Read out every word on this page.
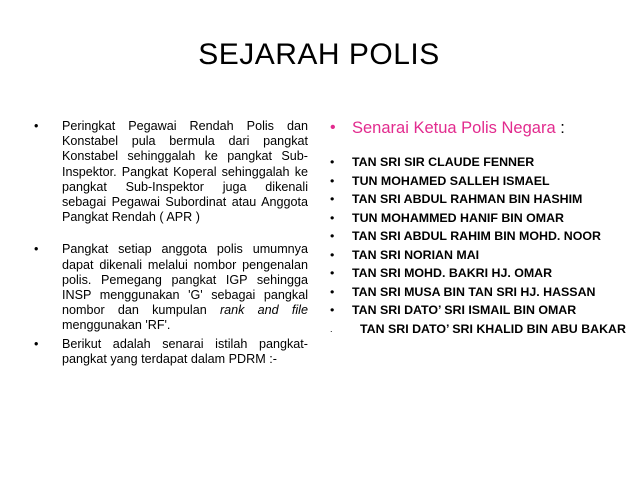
SEJARAH POLIS
• Peringkat Pegawai Rendah Polis dan Konstabel pula bermula dari pangkat Konstabel sehinggalah ke pangkat Sub-Inspektor. Pangkat Koperal sehinggalah ke pangkat Sub-Inspektor juga dikenali sebagai Pegawai Subordinat atau Anggota Pangkat Rendah ( APR )
• Pangkat setiap anggota polis umumnya dapat dikenali melalui nombor pengenalan polis. Pemegang pangkat IGP sehingga INSP menggunakan 'G' sebagai pangkal nombor dan kumpulan rank and file menggunakan 'RF'.
• Berikut adalah senarai istilah pangkat-pangkat yang terdapat dalam PDRM :-
• Senarai Ketua Polis Negara :
• TAN SRI SIR CLAUDE FENNER
• TUN MOHAMED SALLEH ISMAEL
• TAN SRI ABDUL RAHMAN BIN HASHIM
• TUN MOHAMMED HANIF BIN OMAR
• TAN SRI ABDUL RAHIM BIN MOHD. NOOR
• TAN SRI NORIAN MAI
• TAN SRI MOHD. BAKRI HJ. OMAR
• TAN SRI MUSA BIN TAN SRI HJ. HASSAN
• TAN SRI DATO’ SRI ISMAIL BIN OMAR
. TAN SRI DATO’ SRI KHALID BIN ABU BAKAR
